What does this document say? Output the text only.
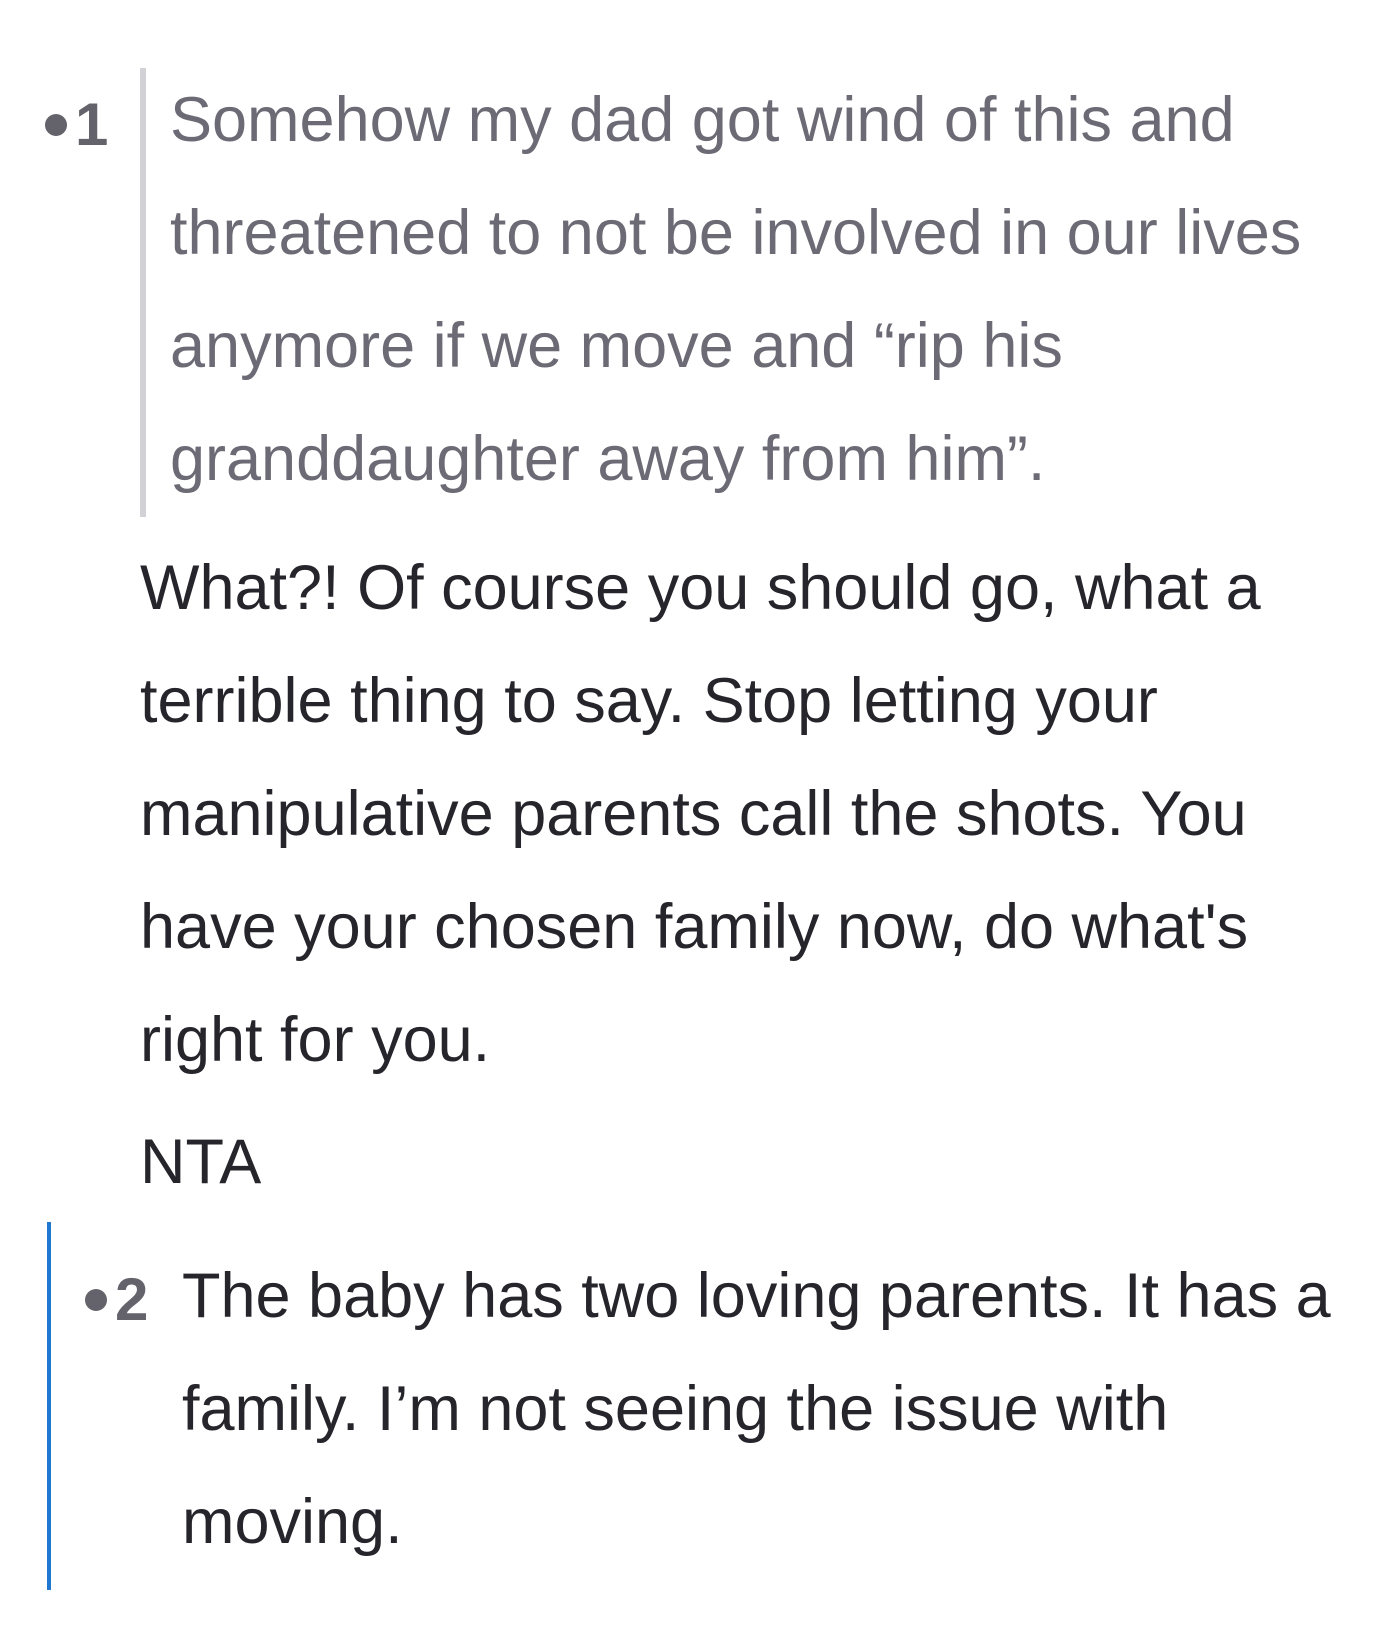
1 Somehow my dad got wind of this and threatened to not be involved in our lives anymore if we move and “rip his granddaughter away from him”.

What?! Of course you should go, what a terrible thing to say. Stop letting your manipulative parents call the shots. You have your chosen family now, do what's right for you.

NTA

2 The baby has two loving parents. It has a family. I’m not seeing the issue with moving.
